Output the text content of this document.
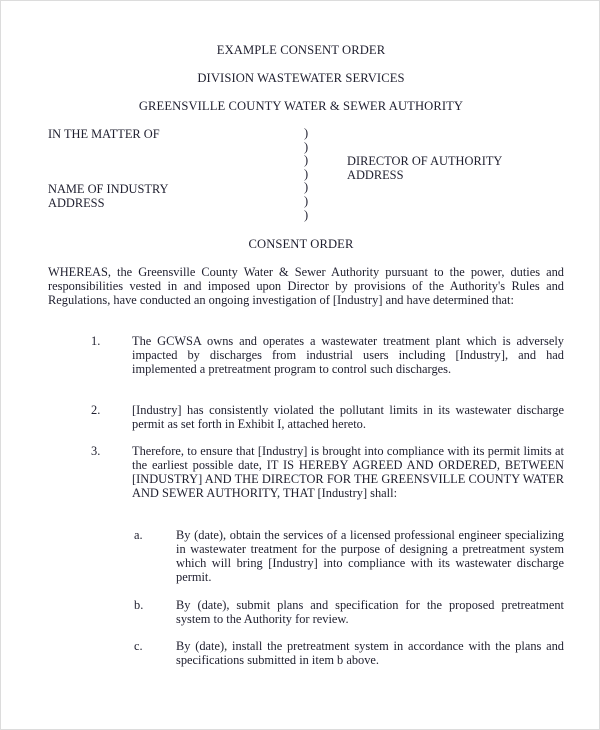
EXAMPLE CONSENT ORDER
DIVISION WASTEWATER SERVICES
GREENSVILLE COUNTY WATER & SEWER AUTHORITY
IN THE MATTER OF
NAME OF INDUSTRY
ADDRESS
)
)
)
)
)
)
)
DIRECTOR OF AUTHORITY
ADDRESS
CONSENT ORDER
WHEREAS, the Greensville County Water & Sewer Authority pursuant to the power, duties and responsibilities vested in and imposed upon Director by provisions of the Authority's Rules and Regulations, have conducted an ongoing investigation of [Industry] and have determined that:
1.	The GCWSA owns and operates a wastewater treatment plant which is adversely impacted by discharges from industrial users including [Industry], and had implemented a pretreatment program to control such discharges.
2.	[Industry] has consistently violated the pollutant limits in its wastewater discharge permit as set forth in Exhibit I, attached hereto.
3.	Therefore, to ensure that [Industry] is brought into compliance with its permit limits at the earliest possible date, IT IS HEREBY AGREED AND ORDERED, BETWEEN [INDUSTRY] AND THE DIRECTOR FOR THE GREENSVILLE COUNTY WATER AND SEWER AUTHORITY, THAT [Industry] shall:
a.	By (date), obtain the services of a licensed professional engineer specializing in wastewater treatment for the purpose of designing a pretreatment system which will bring [Industry] into compliance with its wastewater discharge permit.
b.	By (date), submit plans and specification for the proposed pretreatment system to the Authority for review.
c.	By (date), install the pretreatment system in accordance with the plans and specifications submitted in item b above.
